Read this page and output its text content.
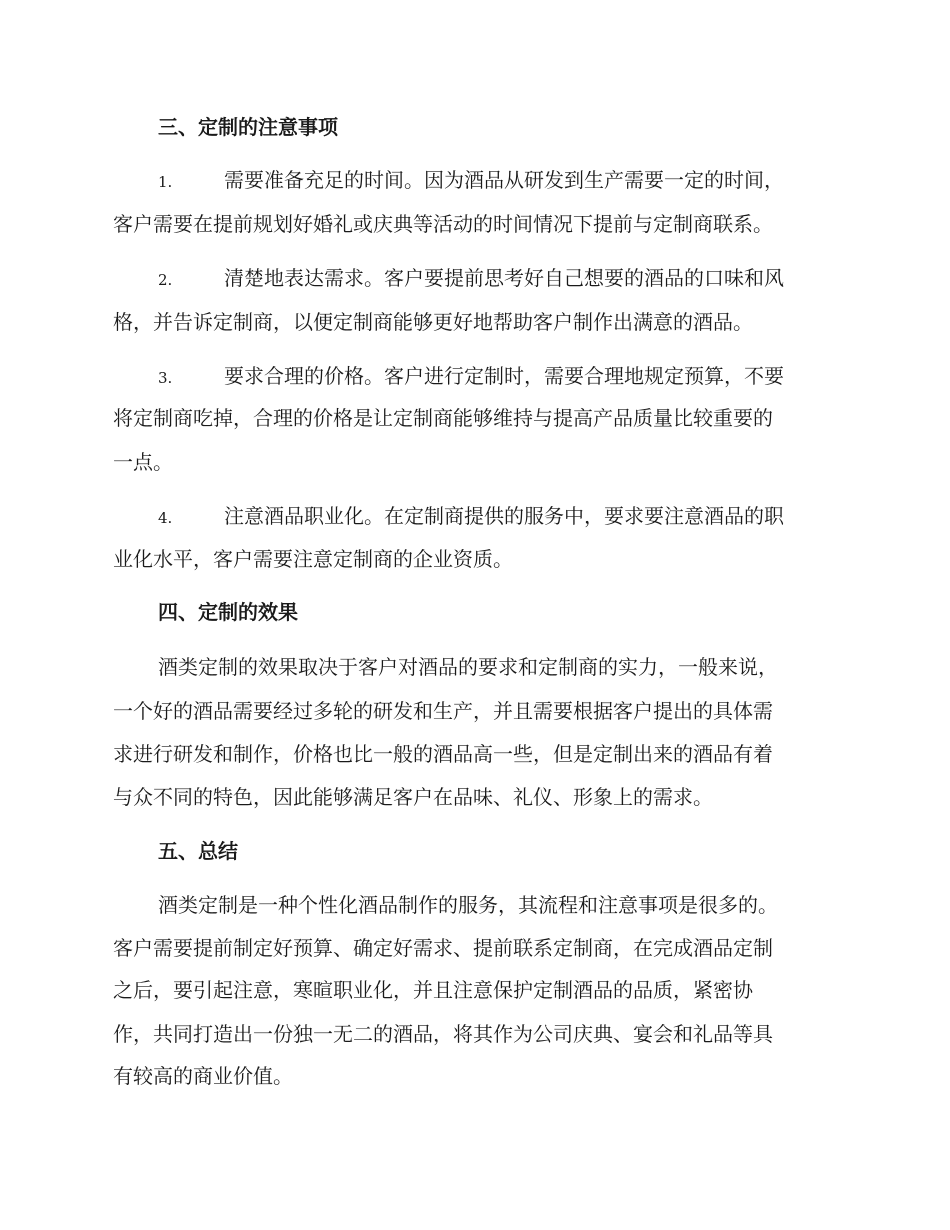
三、定制的注意事项
1.	需要准备充足的时间。因为酒品从研发到生产需要一定的时间，
客户需要在提前规划好婚礼或庆典等活动的时间情况下提前与定制商联系。
2.	清楚地表达需求。客户要提前思考好自己想要的酒品的口味和风
格，并告诉定制商，以便定制商能够更好地帮助客户制作出满意的酒品。
3.	要求合理的价格。客户进行定制时，需要合理地规定预算，不要
将定制商吃掉，合理的价格是让定制商能够维持与提高产品质量比较重要的
一点。
4.	注意酒品职业化。在定制商提供的服务中，要求要注意酒品的职
业化水平，客户需要注意定制商的企业资质。
四、定制的效果
酒类定制的效果取决于客户对酒品的要求和定制商的实力，一般来说，
一个好的酒品需要经过多轮的研发和生产，并且需要根据客户提出的具体需
求进行研发和制作，价格也比一般的酒品高一些，但是定制出来的酒品有着
与众不同的特色，因此能够满足客户在品味、礼仪、形象上的需求。
五、总结
酒类定制是一种个性化酒品制作的服务，其流程和注意事项是很多的。
客户需要提前制定好预算、确定好需求、提前联系定制商，在完成酒品定制
之后，要引起注意，寒暄职业化，并且注意保护定制酒品的品质，紧密协
作，共同打造出一份独一无二的酒品，将其作为公司庆典、宴会和礼品等具
有较高的商业价值。
